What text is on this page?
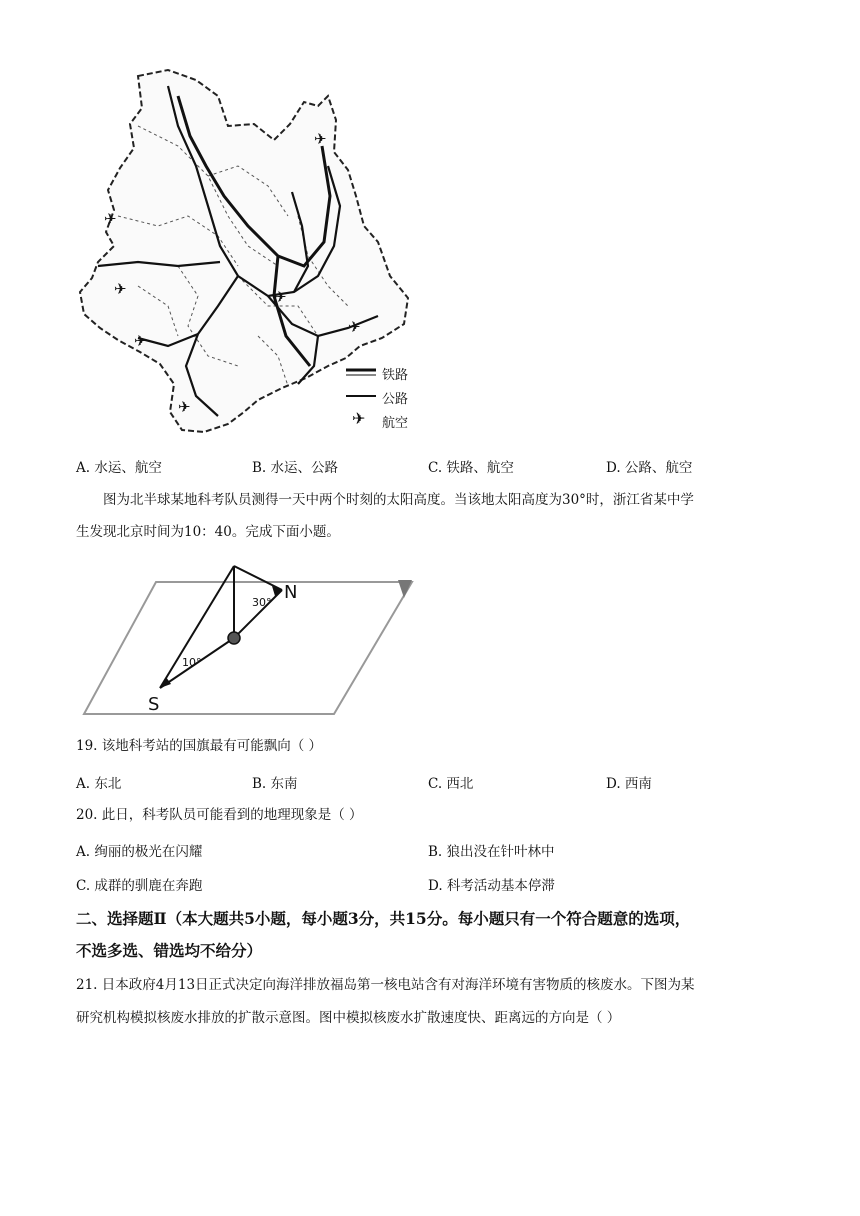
✈
✈
✈
✈
✈
✈
✈
✈
铁路
公路
航空
A. 水运、航空	B. 水运、公路	C. 铁路、航空	D. 公路、航空
图为北半球某地科考队员测得一天中两个时刻的太阳高度。当该地太阳高度为30°时，浙江省某中学
生发现北京时间为10：40。完成下面小题。
N
S
30°
10°
19. 该地科考站的国旗最有可能飘向（ ）
A. 东北	B. 东南	C. 西北	D. 西南
20. 此日，科考队员可能看到的地理现象是（ ）
A. 绚丽的极光在闪耀	B. 狼出没在针叶林中
C. 成群的驯鹿在奔跑	D. 科考活动基本停滞
二、选择题Ⅱ（本大题共5小题，每小题3分，共15分。每小题只有一个符合题意的选项，
不选多选、错选均不给分）
21. 日本政府4月13日正式决定向海洋排放福岛第一核电站含有对海洋环境有害物质的核废水。下图为某
研究机构模拟核废水排放的扩散示意图。图中模拟核废水扩散速度快、距离远的方向是（ ）
